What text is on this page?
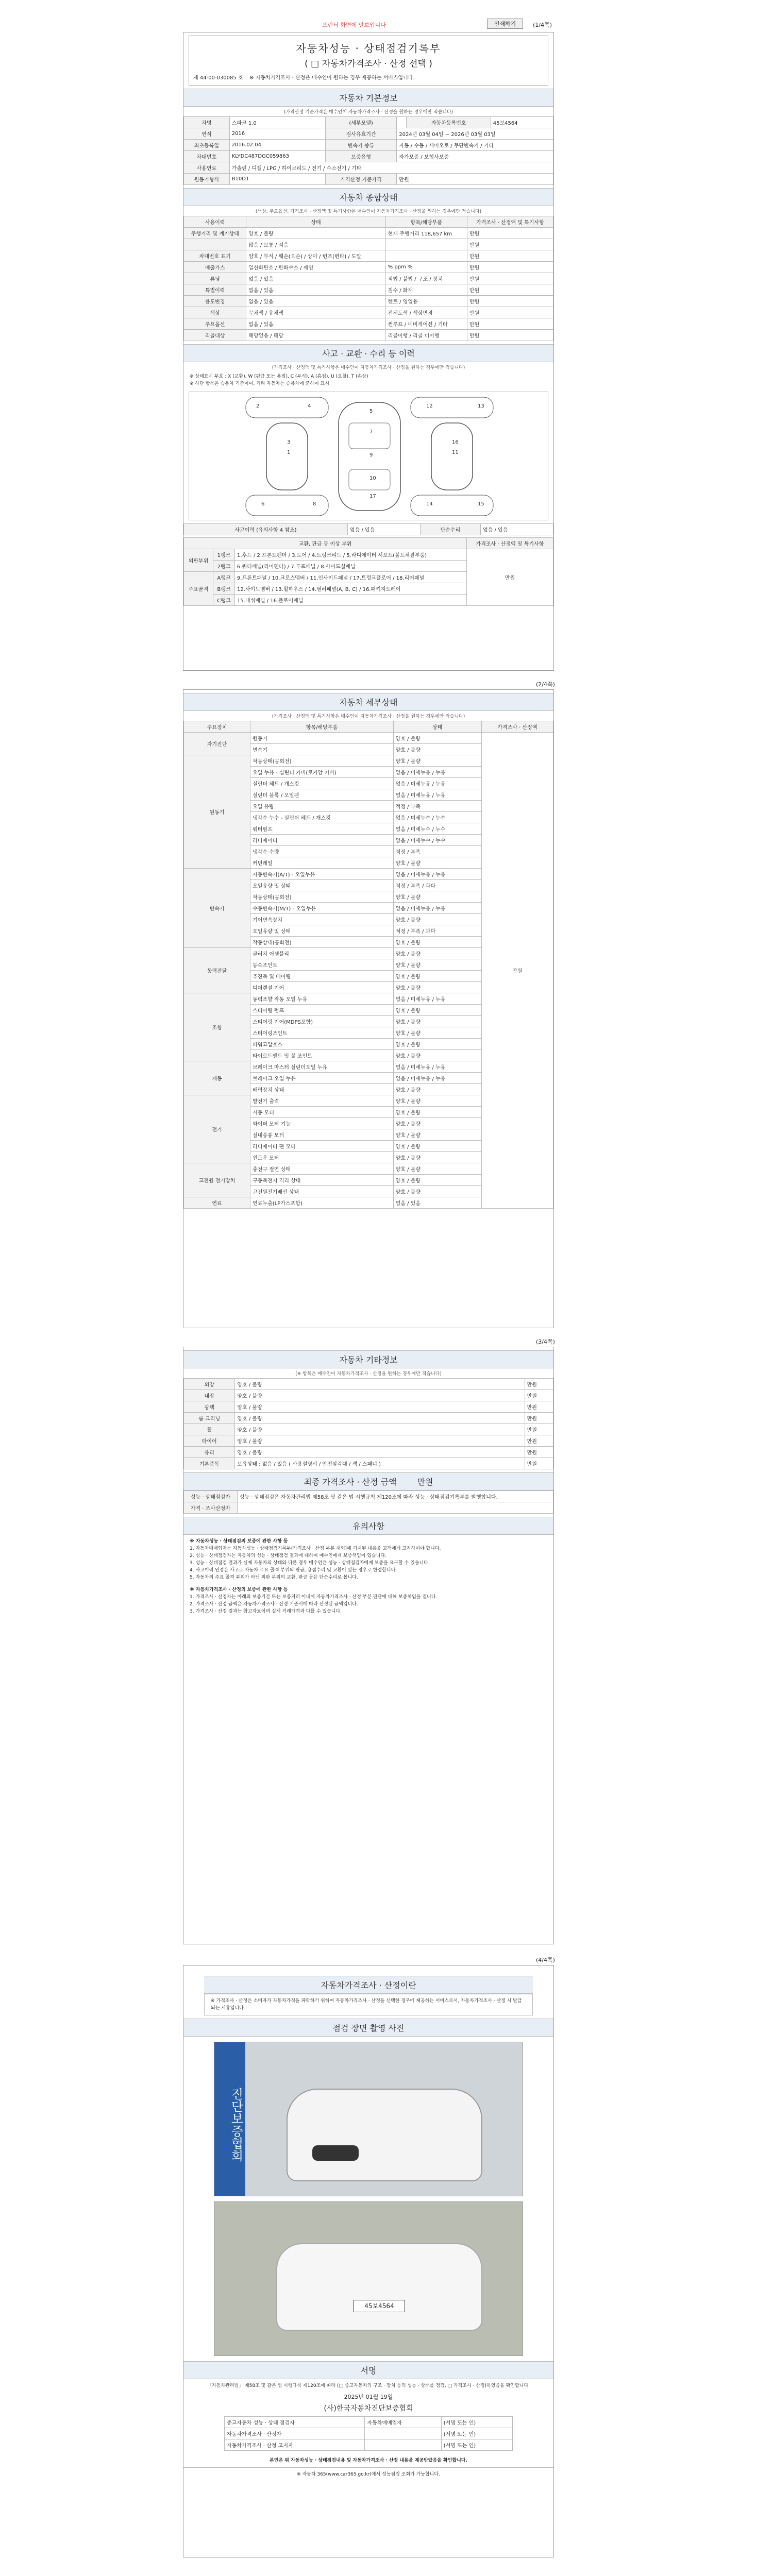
프린터 화면에 안보입니다	인쇄하기	(1/4쪽)
자동차성능 · 상태점검기록부
( □ 자동차가격조사 · 산정 선택 )
제 44-00-030085 호 ※ 자동차가격조사 · 산정은 매수인이 원하는 경우 제공하는 서비스입니다.
자동차 기본정보
(가격산정 기준가격은 매수인이 자동차가격조사 · 산정을 원하는 경우에만 적습니다)
차명	스파크 1.0	(세부모델)		자동차등록번호	45보4564
연식	2016	검사유효기간	2024년 03월 04일 ~ 2026년 03월 03일		
최초등록일	2016.02.04	변속기 종류	자동 / 수동 / 세미오토 / 무단변속기 / 기타		
차대번호	KLYDC487DGC059863	보증유형	자가보증 / 보험사보증		
사용연료	가솔린 / 디젤 / LPG / 하이브리드 / 전기 / 수소전기 / 기타				
원동기형식	B10D1	가격산정 기준가격	만원		
자동차 종합상태
(색상, 주요옵션, 가격조사 · 산정액 및 특기사항은 매수인이 자동차가격조사 · 산정을 원하는 경우에만 적습니다)
사용이력	상태	항목/해당부품	가격조사 · 산정액 및 특기사항
주행거리 및 계기상태	양호 / 불량	현재 주행거리 118,657 km	만원
	많음 / 보통 / 적음		만원
차대번호 표기	양호 / 부식 / 훼손(오손) / 상이 / 변조(변타) / 도말		만원
배출가스	일산화탄소 / 탄화수소 / 매연	% ppm %	만원
튜닝	없음 / 있음	적법 / 불법 / 구조 / 장치	만원
특별이력	없음 / 있음	침수 / 화재	만원
용도변경	없음 / 있음	렌트 / 영업용	만원
색상	무채색 / 유채색	전체도색 / 색상변경	만원
주요옵션	없음 / 있음	썬루프 / 네비게이션 / 기타	만원
리콜대상	해당없음 / 해당	리콜이행 / 리콜 미이행	만원
사고 · 교환 · 수리 등 이력
(가격조사 · 산정액 및 특기사항은 매수인이 자동차가격조사 · 산정을 원하는 경우에만 적습니다)
※ 상태표시 부호 : X (교환), W (판금 또는 용접), C (부식), A (흠집), U (요철), T (손상)
※ 하단 항목은 승용차 기준이며, 기타 자동차는 승용차에 준하여 표시
1
2
3
4
5
6
7
8
9
10
11
12	13
14	15
16
17
사고이력 (유의사항 4 참조)	없음 / 있음	단순수리	없음 / 있음
교환, 판금 등 이상 부위			가격조사 · 산정액 및 특기사항
외판부위	1랭크	1.후드 / 2.프론트펜더 / 3.도어 / 4.트렁크리드 / 5.라디에이터 서포트(볼트체결부품)	만원
	2랭크	6.쿼터패널(리어펜더) / 7.루프패널 / 8.사이드실패널	
주요골격	A랭크	9.프론트패널 / 10.크로스멤버 / 11.인사이드패널 / 17.트렁크플로어 / 18.리어패널	
	B랭크	12.사이드멤버 / 13.휠하우스 / 14.필러패널(A, B, C) / 16.패키지트레이	
	C랭크	15.대쉬패널 / 16.플로어패널	
(2/4쪽)
자동차 세부상태
(가격조사 · 산정액 및 특기사항은 매수인이 자동차가격조사 · 산정을 원하는 경우에만 적습니다)
주요장치	항목/해당부품	상태	가격조사 · 산정액
자기진단	원동기	양호 / 불량	만원
	변속기	양호 / 불량	
원동기	작동상태(공회전)	양호 / 불량	
	오일 누유 - 실린더 커버(로커암 커버)	없음 / 미세누유 / 누유	
	실린더 헤드 / 개스킷	없음 / 미세누유 / 누유	
	실린더 블록 / 오일팬	없음 / 미세누유 / 누유	
	오일 유량	적정 / 부족	
	냉각수 누수 - 실린더 헤드 / 개스킷	없음 / 미세누수 / 누수	
	워터펌프	없음 / 미세누수 / 누수	
	라디에이터	없음 / 미세누수 / 누수	
	냉각수 수량	적정 / 부족	
	커먼레일	양호 / 불량	
변속기	자동변속기(A/T) - 오일누유	없음 / 미세누유 / 누유	
	오일유량 및 상태	적정 / 부족 / 과다	
	작동상태(공회전)	양호 / 불량	
	수동변속기(M/T) - 오일누유	없음 / 미세누유 / 누유	
	기어변속장치	양호 / 불량	
	오일유량 및 상태	적정 / 부족 / 과다	
	작동상태(공회전)	양호 / 불량	
동력전달	클러치 어셈블리	양호 / 불량	
	등속조인트	양호 / 불량	
	추진축 및 베어링	양호 / 불량	
	디퍼렌셜 기어	양호 / 불량	
조향	동력조향 작동 오일 누유	없음 / 미세누유 / 누유	
	스티어링 펌프	양호 / 불량	
	스티어링 기어(MDPS포함)	양호 / 불량	
	스티어링조인트	양호 / 불량	
	파워고압호스	양호 / 불량	
	타이로드엔드 및 볼 조인트	양호 / 불량	
제동	브레이크 마스터 실린더오일 누유	없음 / 미세누유 / 누유	
	브레이크 오일 누유	없음 / 미세누유 / 누유	
	배력장치 상태	양호 / 불량	
전기	발전기 출력	양호 / 불량	
	시동 모터	양호 / 불량	
	와이퍼 모터 기능	양호 / 불량	
	실내송풍 모터	양호 / 불량	
	라디에이터 팬 모터	양호 / 불량	
	윈도우 모터	양호 / 불량	
고전원 전기장치	충전구 절연 상태	양호 / 불량	
	구동축전지 격리 상태	양호 / 불량	
	고전원전기배선 상태	양호 / 불량	
연료	연료누출(LP가스포함)	없음 / 있음	
(3/4쪽)
자동차 기타정보
(※ 항목은 매수인이 자동차가격조사 · 산정을 원하는 경우에만 적습니다)
외장	양호 / 불량	만원
내장	양호 / 불량	만원
광택	양호 / 불량	만원
룸 크리닝	양호 / 불량	만원
휠	양호 / 불량	만원
타이어	양호 / 불량	만원
유리	양호 / 불량	만원
기본품목	보유상태 : 없음 / 있음 ( 사용설명서 / 안전삼각대 / 잭 / 스패너 )	만원
최종 가격조사 · 산정 금액	만원
성능 · 상태점검자	성능 · 상태점검은 자동차관리법 제58조 및 같은 법 시행규칙 제120조에 따라 성능 · 상태점검기록부를 발행합니다.
가격 · 조사산정자	
유의사항
※ 자동차성능 · 상태점검의 보증에 관한 사항 등
1. 자동차매매업자는 자동차성능 · 상태점검기록부(가격조사 · 산정 부분 제외)에 기재된 내용을 고객에게 고지하여야 합니다.
2. 성능 · 상태점검자는 자동차의 성능 · 상태점검 결과에 대하여 매수인에게 보증책임이 있습니다.
3. 성능 · 상태점검 결과가 실제 자동차의 상태와 다른 경우 매수인은 성능 · 상태점검자에게 보증을 요구할 수 있습니다.
4. 사고이력 인정은 사고로 자동차 주요 골격 부위의 판금, 용접수리 및 교환이 있는 경우로 한정합니다.
5. 자동차의 주요 골격 부위가 아닌 외판 부위의 교환, 판금 등은 단순수리로 봅니다.
※ 자동차가격조사 · 산정의 보증에 관한 사항 등
1. 가격조사 · 산정자는 아래의 보증기간 또는 보증거리 이내에 자동차가격조사 · 산정 부분 판단에 대해 보증책임을 집니다.
2. 가격조사 · 산정 금액은 자동차가격조사 · 산정 기준서에 따라 산정된 금액입니다.
3. 가격조사 · 산정 결과는 참고자료이며 실제 거래가격과 다를 수 있습니다.
(4/4쪽)
자동차가격조사 · 산정이란
※ 가격조사 · 산정은 소비자가 자동차가격을 파악하기 위하여 자동차가격조사 · 산정을 선택한 경우에 제공하는 서비스로서, 자동차가격조사 · 산정 시 발급되는 서류입니다.
점검 장면 촬영 사진
진단보증협회
45보4564
서명
「자동차관리법」 제58조 및 같은 법 시행규칙 제120조에 따라 (□ 중고자동차의 구조 · 장치 등의 성능 · 상태를 점검, □ 가격조사 · 산정)하였음을 확인합니다.
2025년 01월 19일
(사)한국자동차진단보증협회
중고자동차 성능 · 상태 점검자	자동차매매업자	(서명 또는 인)
자동차가격조사 · 산정자		(서명 또는 인)
자동차가격조사 · 산정 고지자		(서명 또는 인)
본인은 위 자동차성능 · 상태점검내용 및 자동차가격조사 · 산정 내용을 제공받았음을 확인합니다.
※ 자동차 365(www.car365.go.kr)에서 성능점검 조회가 가능합니다.
